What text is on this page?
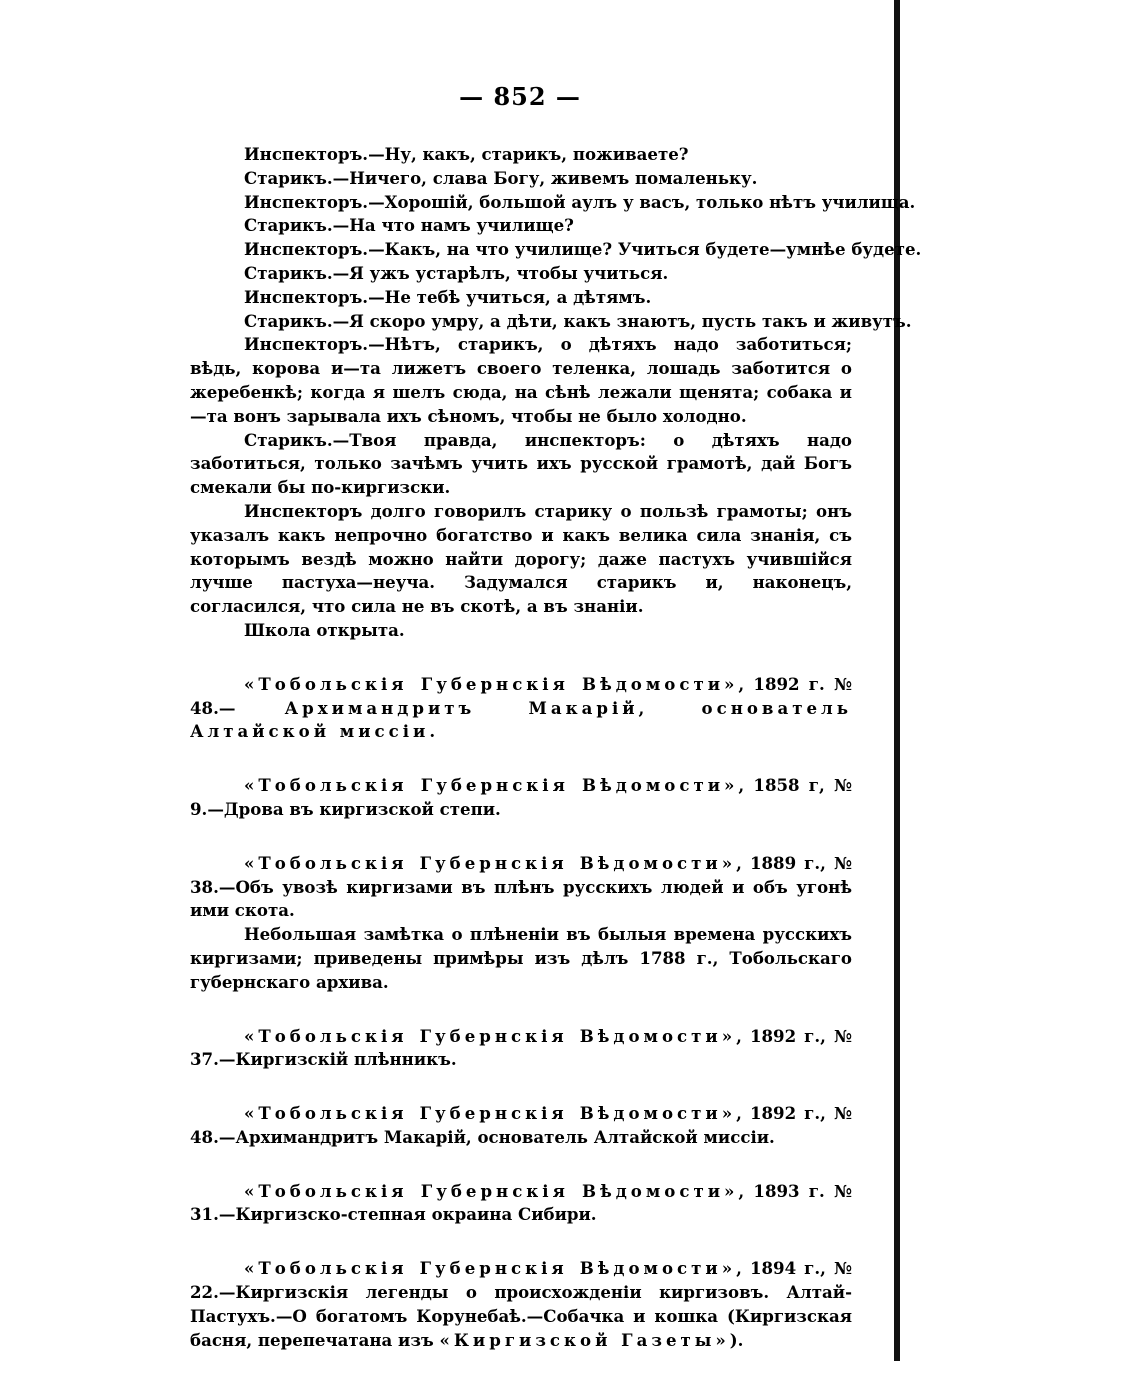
— 852 —
Инспекторъ.—Ну, какъ, старикъ, поживаете?
Старикъ.—Ничего, слава Богу, живемъ помаленьку.
Инспекторъ.—Хорошій, большой аулъ у васъ, только нѣтъ училища.
Старикъ.—На что намъ училище?
Инспекторъ.—Какъ, на что училище? Учиться будете—умнѣе будете.
Старикъ.—Я ужъ устарѣлъ, чтобы учиться.
Инспекторъ.—Не тебѣ учиться, а дѣтямъ.
Старикъ.—Я скоро умру, а дѣти, какъ знаютъ, пусть такъ и живутъ.

Инспекторъ.—Нѣтъ, старикъ, о дѣтяхъ надо заботиться; вѣдь, корова и—та лижетъ своего теленка, лошадь заботится о жеребенкѣ; когда я шелъ сюда, на сѣнѣ лежали щенята; собака и—та вонъ зарывала ихъ сѣномъ, чтобы не было холодно.

Старикъ.—Твоя правда, инспекторъ: о дѣтяхъ надо заботиться, только зачѣмъ учить ихъ русской грамотѣ, дай Богъ смекали бы по-киргизски.

Инспекторъ долго говорилъ старику о пользѣ грамоты; онъ указалъ какъ непрочно богатство и какъ велика сила знанія, съ которымъ вездѣ можно найти дорогу; даже пастухъ учившійся лучше пастуха—неуча. Задумался старикъ и, наконецъ, согласился, что сила не въ скотѣ, а въ знаніи.

Школа открыта.

«Тобольскія Губернскія Вѣдомости», 1892 г. № 48.—	Архимандритъ Макарій, основатель Алтайской миссіи.

«Тобольскія Губернскія Вѣдомости», 1858 г, № 9.—Дрова въ киргизской степи.

«Тобольскія Губернскія Вѣдомости», 1889 г., № 38.—Объ увозѣ киргизами въ плѣнъ русскихъ людей и объ угонѣ ими скота.

Небольшая замѣтка о плѣненіи въ былыя времена русскихъ киргизами; приведены примѣры изъ дѣлъ 1788 г., Тобольскаго губернскаго архива.

«Тобольскія Губернскія Вѣдомости», 1892 г., № 37.—Киргизскій плѣнникъ.

«Тобольскія Губернскія Вѣдомости», 1892 г., № 48.—Архимандритъ Макарій, основатель Алтайской миссіи.

«Тобольскія Губернскія Вѣдомости», 1893 г. № 31.—Киргизско-степная окраина Сибири.

«Тобольскія Губернскія Вѣдомости», 1894 г., № 22.—Киргизскія легенды о происхожденіи киргизовъ. Алтай-Пастухъ.—О богатомъ Корунебаѣ.—Собачка и кошка (Киргизская басня, перепечатана изъ «Киргизской Газеты»).
